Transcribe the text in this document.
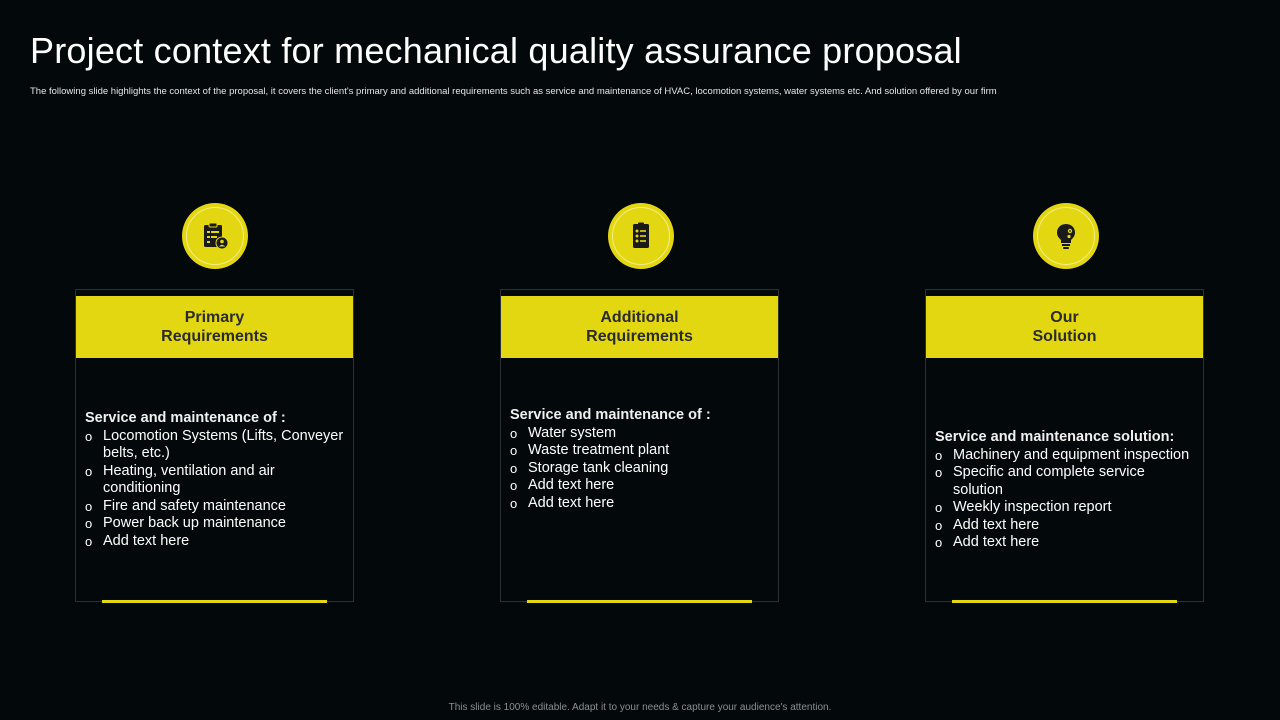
Project context for mechanical quality assurance proposal
The following slide highlights the context of the proposal, it covers the client's primary and additional requirements such as service and maintenance of HVAC, locomotion systems, water systems etc. And solution offered by our firm
Primary
Requirements
Service and maintenance of :
o Locomotion Systems (Lifts, Conveyer belts, etc.)
o Heating, ventilation and air conditioning
o Fire and safety maintenance
o Power back up maintenance
o Add text here
Additional
Requirements
Service and maintenance of :
o Water system
o Waste treatment plant
o Storage tank cleaning
o Add text here
o Add text here
Our
Solution
Service and maintenance solution:
o Machinery and equipment inspection
o Specific and complete service solution
o Weekly inspection report
o Add text here
o Add text here
This slide is 100% editable. Adapt it to your needs & capture your audience's attention.
